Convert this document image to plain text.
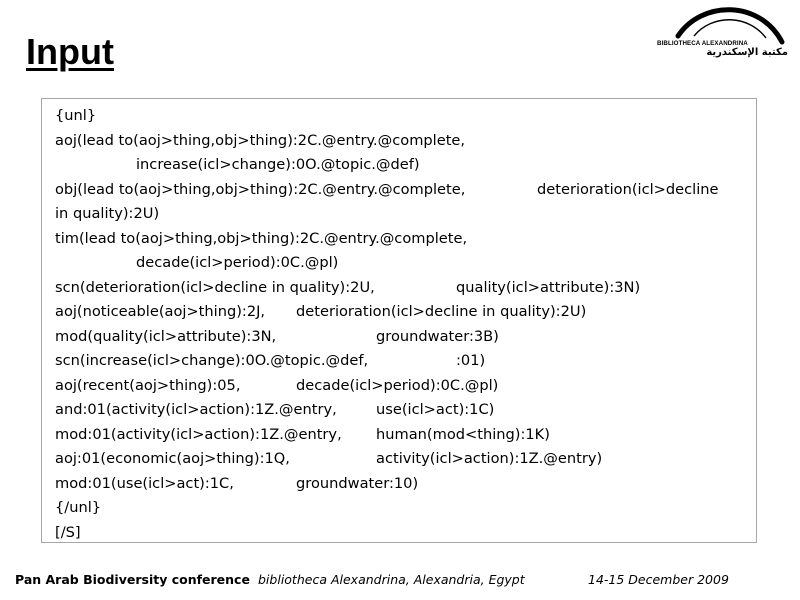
Input	BIBLIOTHECA ALEXANDRINA
مكتبة الإسكندرية
{unl}
aoj(lead to(aoj>thing,obj>thing):2C.@entry.@complete,
increase(icl>change):0O.@topic.@def)
obj(lead to(aoj>thing,obj>thing):2C.@entry.@complete,	deterioration(icl>decline
in quality):2U)
tim(lead to(aoj>thing,obj>thing):2C.@entry.@complete,
decade(icl>period):0C.@pl)
scn(deterioration(icl>decline in quality):2U,	quality(icl>attribute):3N)
aoj(noticeable(aoj>thing):2J, deterioration(icl>decline in quality):2U)
mod(quality(icl>attribute):3N,	groundwater:3B)
scn(increase(icl>change):0O.@topic.@def,	:01)
aoj(recent(aoj>thing):05,	decade(icl>period):0C.@pl)
and:01(activity(icl>action):1Z.@entry,	use(icl>act):1C)
mod:01(activity(icl>action):1Z.@entry, human(mod<thing):1K)
aoj:01(economic(aoj>thing):1Q,	activity(icl>action):1Z.@entry)
mod:01(use(icl>act):1C,	groundwater:10)
{/unl}
[/S]
Pan Arab Biodiversity conference bibliotheca Alexandrina, Alexandria, Egypt	14-15 December 2009
